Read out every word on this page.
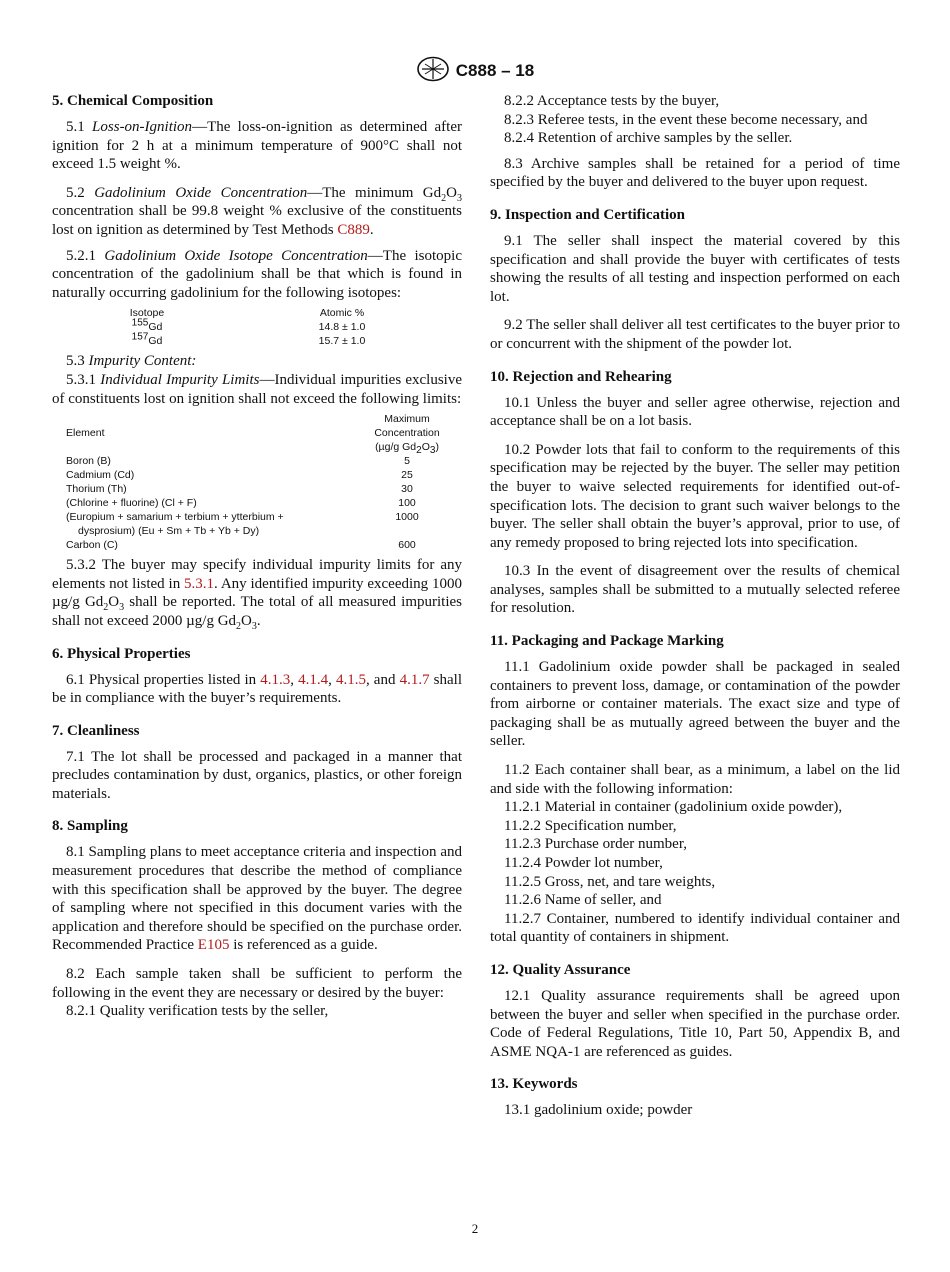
C888 – 18
5. Chemical Composition

5.1 Loss-on-Ignition—The loss-on-ignition as determined after ignition for 2 h at a minimum temperature of 900°C shall not exceed 1.5 weight %.

5.2 Gadolinium Oxide Concentration—The minimum $Gd_2O_3$ concentration shall be 99.8 weight % exclusive of the constituents lost on ignition as determined by Test Methods C889.

5.2.1 Gadolinium Oxide Isotope Concentration—The isotopic concentration of the gadolinium shall be that which is found in naturally occurring gadolinium for the following isotopes:

Isotope	Atomic %
$^{155}$Gd	14.8 ± 1.0
$^{157}$Gd	15.7 ± 1.0

5.3 Impurity Content:

5.3.1 Individual Impurity Limits—Individual impurities exclusive of constituents lost on ignition shall not exceed the following limits:

Element
Maximum
Concentration
(µg/g $Gd_2O_3$)
Boron (B)	5
Cadmium (Cd)	25
Thorium (Th)	30
(Chlorine + fluorine) (Cl + F)	100
(Europium + samarium + terbium + ytterbium +	1000
dysprosium) (Eu + Sm + Tb + Yb + Dy)
Carbon (C)	600

5.3.2 The buyer may specify individual impurity limits for any elements not listed in 5.3.1. Any identified impurity exceeding 1000 µg/g $Gd_2O_3$ shall be reported. The total of all measured impurities shall not exceed 2000 µg/g $Gd_2O_3$.

6. Physical Properties

6.1 Physical properties listed in 4.1.3, 4.1.4, 4.1.5, and 4.1.7 shall be in compliance with the buyer’s requirements.

7. Cleanliness

7.1 The lot shall be processed and packaged in a manner that precludes contamination by dust, organics, plastics, or other foreign materials.

8. Sampling

8.1 Sampling plans to meet acceptance criteria and inspection and measurement procedures that describe the method of compliance with this specification shall be approved by the buyer. The degree of sampling where not specified in this document varies with the application and therefore should be specified on the purchase order. Recommended Practice E105 is referenced as a guide.

8.2 Each sample taken shall be sufficient to perform the following in the event they are necessary or desired by the buyer:

8.2.1 Quality verification tests by the seller,

8.2.2 Acceptance tests by the buyer,

8.2.3 Referee tests, in the event these become necessary, and

8.2.4 Retention of archive samples by the seller.

8.3 Archive samples shall be retained for a period of time specified by the buyer and delivered to the buyer upon request.

9. Inspection and Certification

9.1 The seller shall inspect the material covered by this specification and shall provide the buyer with certificates of tests showing the results of all testing and inspection performed on each lot.

9.2 The seller shall deliver all test certificates to the buyer prior to or concurrent with the shipment of the powder lot.

10. Rejection and Rehearing

10.1 Unless the buyer and seller agree otherwise, rejection and acceptance shall be on a lot basis.

10.2 Powder lots that fail to conform to the requirements of this specification may be rejected by the buyer. The seller may petition the buyer to waive selected requirements for identified out-of-specification lots. The decision to grant such waiver belongs to the buyer. The seller shall obtain the buyer’s approval, prior to use, of any remedy proposed to bring rejected lots into specification.

10.3 In the event of disagreement over the results of chemical analyses, samples shall be submitted to a mutually selected referee for resolution.

11. Packaging and Package Marking

11.1 Gadolinium oxide powder shall be packaged in sealed containers to prevent loss, damage, or contamination of the powder from airborne or container materials. The exact size and type of packaging shall be as mutually agreed between the buyer and the seller.

11.2 Each container shall bear, as a minimum, a label on the lid and side with the following information:

11.2.1 Material in container (gadolinium oxide powder),

11.2.2 Specification number,

11.2.3 Purchase order number,

11.2.4 Powder lot number,

11.2.5 Gross, net, and tare weights,

11.2.6 Name of seller, and

11.2.7 Container, numbered to identify individual container and total quantity of containers in shipment.

12. Quality Assurance

12.1 Quality assurance requirements shall be agreed upon between the buyer and seller when specified in the purchase order. Code of Federal Regulations, Title 10, Part 50, Appendix B, and ASME NQA-1 are referenced as guides.

13. Keywords

13.1 gadolinium oxide; powder

2
